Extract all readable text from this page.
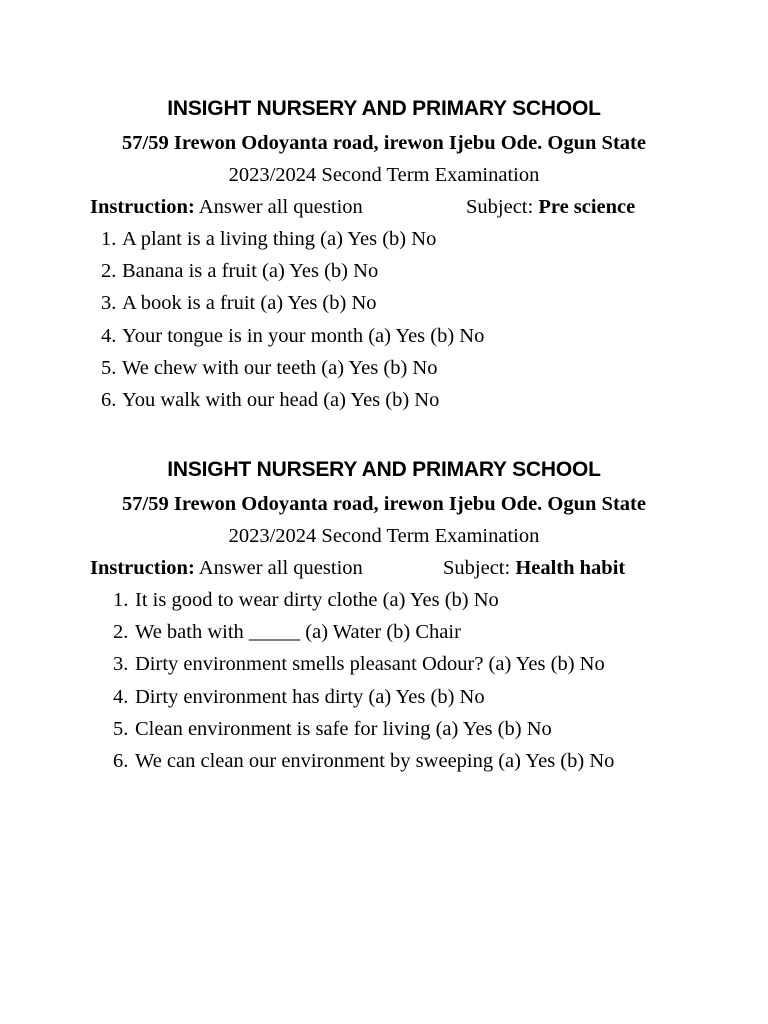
INSIGHT NURSERY AND PRIMARY SCHOOL
57/59 Irewon Odoyanta road, irewon Ijebu Ode. Ogun State
2023/2024 Second Term Examination
Instruction: Answer all question	Subject: Pre science
1. A plant is a living thing (a) Yes (b) No
2. Banana is a fruit (a) Yes (b) No
3. A book is a fruit (a) Yes (b) No
4. Your tongue is in your month (a) Yes (b) No
5. We chew with our teeth (a) Yes (b) No
6. You walk with our head (a) Yes (b) No
INSIGHT NURSERY AND PRIMARY SCHOOL
57/59 Irewon Odoyanta road, irewon Ijebu Ode. Ogun State
2023/2024 Second Term Examination
Instruction: Answer all question	Subject: Health habit
1. It is good to wear dirty clothe (a) Yes (b) No
2. We bath with _____ (a) Water (b) Chair
3. Dirty environment smells pleasant Odour? (a) Yes (b) No
4. Dirty environment has dirty (a) Yes (b) No
5. Clean environment is safe for living (a) Yes (b) No
6. We can clean our environment by sweeping (a) Yes (b) No
